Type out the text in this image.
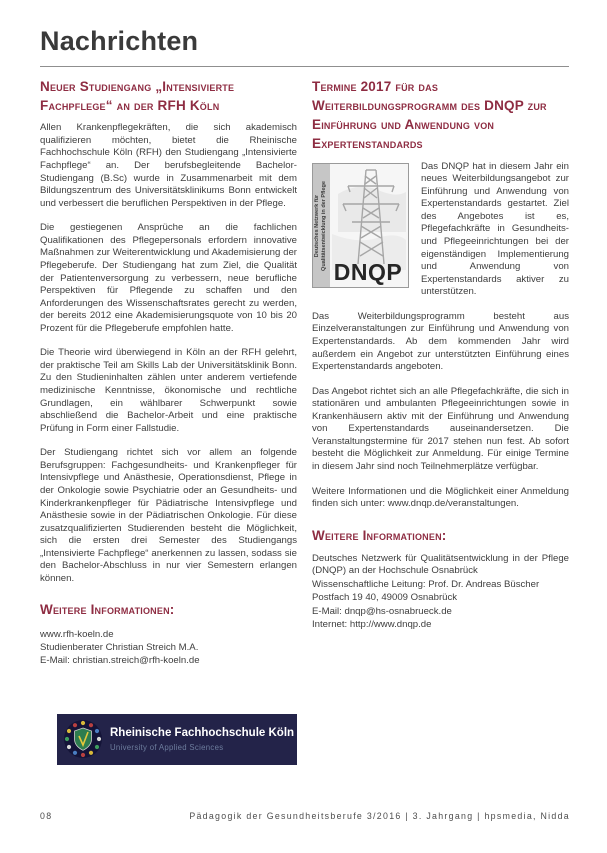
Nachrichten
Neuer Studiengang „Intensivierte Fachpflege“ an der RFH Köln

Allen Krankenpflegekräften, die sich akademisch qualifizieren möchten, bietet die Rheinische Fachhochschule Köln (RFH) den Studiengang „Intensivierte Fachpflege“ an. Der berufsbegleitende Bachelor-Studiengang (B.Sc) wurde in Zusammenarbeit mit dem Bildungszentrum des Universitätsklinikums Bonn entwickelt und verbessert die beruflichen Perspektiven in der Pflege.

Die gestiegenen Ansprüche an die fachlichen Qualifikationen des Pflegepersonals erfordern innovative Maßnahmen zur Weiterentwicklung und Akademisierung der Pflegeberufe. Der Studiengang hat zum Ziel, die Qualität der Patientenversorgung zu verbessern, neue berufliche Perspektiven für Pflegende zu schaffen und den Anforderungen des Wissenschaftsrates gerecht zu werden, der bereits 2012 eine Akademisierungsquote von 10 bis 20 Prozent für die Pflegeberufe empfohlen hatte.

Die Theorie wird überwiegend in Köln an der RFH gelehrt, der praktische Teil am Skills Lab der Universitätsklinik Bonn. Zu den Studieninhalten zählen unter anderem vertiefende medizinische Kenntnisse, ökonomische und rechtliche Grundlagen, ein wählbarer Schwerpunkt sowie abschließend die Bachelor-Arbeit und eine praktische Prüfung in Form einer Fallstudie.

Der Studiengang richtet sich vor allem an folgende Berufsgruppen: Fachgesundheits- und Krankenpfleger für Intensivpflege und Anästhesie, Operationsdienst, Pflege in der Onkologie sowie Psychiatrie oder an Gesundheits- und Kinderkrankenpfleger für Pädiatrische Intensivpflege und Anästhesie sowie in der Pädiatrischen Onkologie. Für diese zusatzqualifizierten Studierenden besteht die Möglichkeit, sich die ersten drei Semester des Studiengangs „Intensivierte Fachpflege“ anerkennen zu lassen, sodass sie den Bachelor-Abschluss in nur vier Semestern erlangen können.

Weitere Informationen:
www.rfh-koeln.de
Studienberater Christian Streich M.A.
E-Mail: christian.streich@rfh-koeln.de
Rheinische Fachhochschule Köln
University of Applied Sciences
Termine 2017 für das Weiterbildungsprogramm des DNQP zur Einführung und Anwendung von Expertenstandards
Deutsches Netzwerk für
Qualitätsentwicklung in der Pflege
DNQP

Das DNQP hat in diesem Jahr ein neues Weiterbildungsangebot zur Einführung und Anwendung von Expertenstandards gestartet. Ziel des Angebotes ist es, Pflegefachkräfte in Gesundheits- und Pflegeeinrichtungen bei der eigenständigen Implementierung und Anwendung von Expertenstandards aktiver zu unterstützen.

Das Weiterbildungsprogramm besteht aus Einzelveranstaltungen zur Einführung und Anwendung von Expertenstandards. Ab dem kommenden Jahr wird außerdem ein Angebot zur unterstützten Einführung eines Expertenstandards angeboten.

Das Angebot richtet sich an alle Pflegefachkräfte, die sich in stationären und ambulanten Pflegeeinrichtungen sowie in Krankenhäusern aktiv mit der Einführung und Anwendung von Expertenstandards auseinandersetzen. Die Veranstaltungstermine für 2017 stehen nun fest. Ab sofort besteht die Möglichkeit zur Anmeldung. Für einige Termine in diesem Jahr sind noch Teilnehmerplätze verfügbar.

Weitere Informationen und die Möglichkeit einer Anmeldung finden sich unter: www.dnqp.de/veranstaltungen.

Weitere Informationen:

Deutsches Netzwerk für Qualitätsentwicklung in der Pflege (DNQP) an der Hochschule Osnabrück

Wissenschaftliche Leitung: Prof. Dr. Andreas Büscher
Postfach 19 40, 49009 Osnabrück
E-Mail: dnqp@hs-osnabrueck.de
Internet: http://www.dnqp.de
08	Pädagogik der Gesundheitsberufe 3/2016 | 3. Jahrgang | hpsmedia, Nidda
